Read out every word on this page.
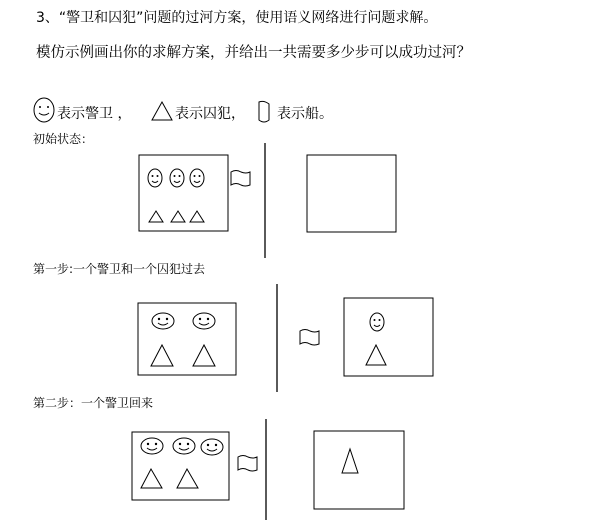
3、“警卫和囚犯”问题的过河方案，使用语义网络进行问题求解。
模仿示例画出你的求解方案，并给出一共需要多少步可以成功过河？
表示警卫 ，	表示囚犯， 表示船。
初始状态：
第一步:一个警卫和一个囚犯过去
第二步：一个警卫回来
